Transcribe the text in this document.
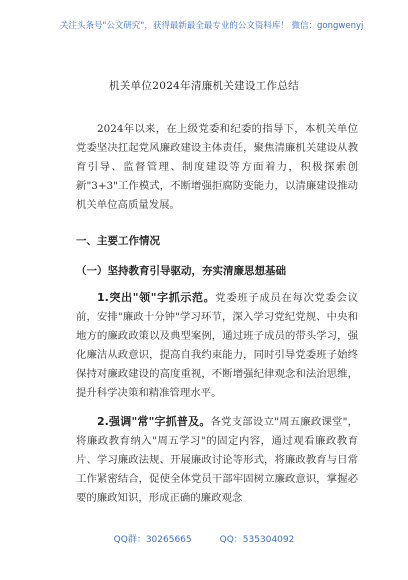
关注头条号"公文研究"，获得最新最全最专业的公文资料库！ 微信：gongwenyj
机关单位2024年清廉机关建设工作总结
2024年以来，在上级党委和纪委的指导下，本机关单位党委坚决扛起党风廉政建设主体责任，聚焦清廉机关建设从教育引导、监督管理、制度建设等方面着力，积极探索创新"3+3"工作模式，不断增强拒腐防变能力，以清廉建设推动机关单位高质量发展。
一、主要工作情况
（一）坚持教育引导驱动，夯实清廉思想基础
1.突出"领"字抓示范。党委班子成员在每次党委会议前，安排"廉政十分钟"学习环节，深入学习党纪党规、中央和地方的廉政政策以及典型案例，通过班子成员的带头学习，强化廉洁从政意识，提高自我约束能力，同时引导党委班子始终保持对廉政建设的高度重视，不断增强纪律观念和法治思维，提升科学决策和精准管理水平。
2.强调"常"字抓普及。各党支部设立"周五廉政课堂"，将廉政教育纳入"周五学习"的固定内容，通过观看廉政教育片、学习廉政法规、开展廉政讨论等形式，将廉政教育与日常工作紧密结合，促使全体党员干部牢固树立廉政意识，掌握必要的廉政知识，形成正确的廉政观念
QQ群：30265665	QQ：535304092
